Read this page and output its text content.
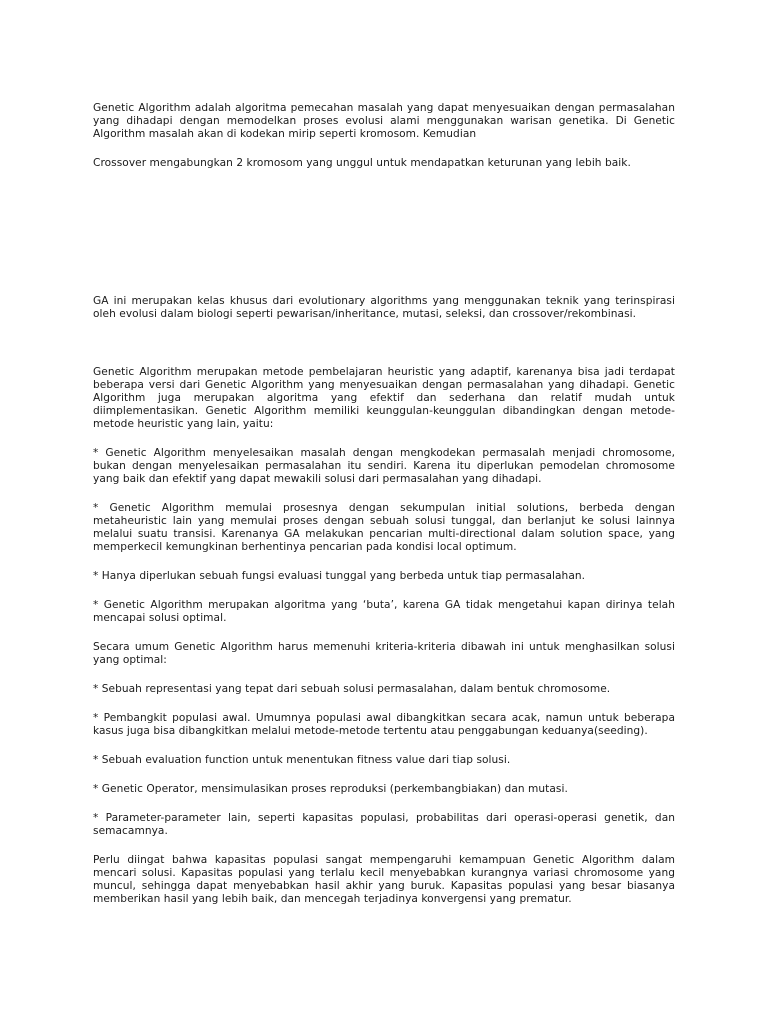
Genetic Algorithm adalah algoritma pemecahan masalah yang dapat menyesuaikan dengan permasalahan yang dihadapi dengan memodelkan proses evolusi alami menggunakan warisan genetika. Di Genetic Algorithm masalah akan di kodekan mirip seperti kromosom. Kemudian

Crossover mengabungkan 2 kromosom yang unggul untuk mendapatkan keturunan yang lebih baik.

GA ini merupakan kelas khusus dari evolutionary algorithms yang menggunakan teknik yang terinspirasi oleh evolusi dalam biologi seperti pewarisan/inheritance, mutasi, seleksi, dan crossover/rekombinasi.

Genetic Algorithm merupakan metode pembelajaran heuristic yang adaptif, karenanya bisa jadi terdapat beberapa versi dari Genetic Algorithm yang menyesuaikan dengan permasalahan yang dihadapi. Genetic Algorithm juga merupakan algoritma yang efektif dan sederhana dan relatif mudah untuk diimplementasikan. Genetic Algorithm memiliki keunggulan-keunggulan dibandingkan dengan metode-metode heuristic yang lain, yaitu:

* Genetic Algorithm menyelesaikan masalah dengan mengkodekan permasalah menjadi chromosome, bukan dengan menyelesaikan permasalahan itu sendiri. Karena itu diperlukan pemodelan chromosome yang baik dan efektif yang dapat mewakili solusi dari permasalahan yang dihadapi.

* Genetic Algorithm memulai prosesnya dengan sekumpulan initial solutions, berbeda dengan metaheuristic lain yang memulai proses dengan sebuah solusi tunggal, dan berlanjut ke solusi lainnya melalui suatu transisi. Karenanya GA melakukan pencarian multi-directional dalam solution space, yang memperkecil kemungkinan berhentinya pencarian pada kondisi local optimum.

* Hanya diperlukan sebuah fungsi evaluasi tunggal yang berbeda untuk tiap permasalahan.

* Genetic Algorithm merupakan algoritma yang ‘buta’, karena GA tidak mengetahui kapan dirinya telah mencapai solusi optimal.

Secara umum Genetic Algorithm harus memenuhi kriteria-kriteria dibawah ini untuk menghasilkan solusi yang optimal:

* Sebuah representasi yang tepat dari sebuah solusi permasalahan, dalam bentuk chromosome.

* Pembangkit populasi awal. Umumnya populasi awal dibangkitkan secara acak, namun untuk beberapa kasus juga bisa dibangkitkan melalui metode-metode tertentu atau penggabungan keduanya(seeding).

* Sebuah evaluation function untuk menentukan fitness value dari tiap solusi.

* Genetic Operator, mensimulasikan proses reproduksi (perkembangbiakan) dan mutasi.

* Parameter-parameter lain, seperti kapasitas populasi, probabilitas dari operasi-operasi genetik, dan semacamnya.

Perlu diingat bahwa kapasitas populasi sangat mempengaruhi kemampuan Genetic Algorithm dalam mencari solusi. Kapasitas populasi yang terlalu kecil menyebabkan kurangnya variasi chromosome yang muncul, sehingga dapat menyebabkan hasil akhir yang buruk. Kapasitas populasi yang besar biasanya memberikan hasil yang lebih baik, dan mencegah terjadinya konvergensi yang prematur.
